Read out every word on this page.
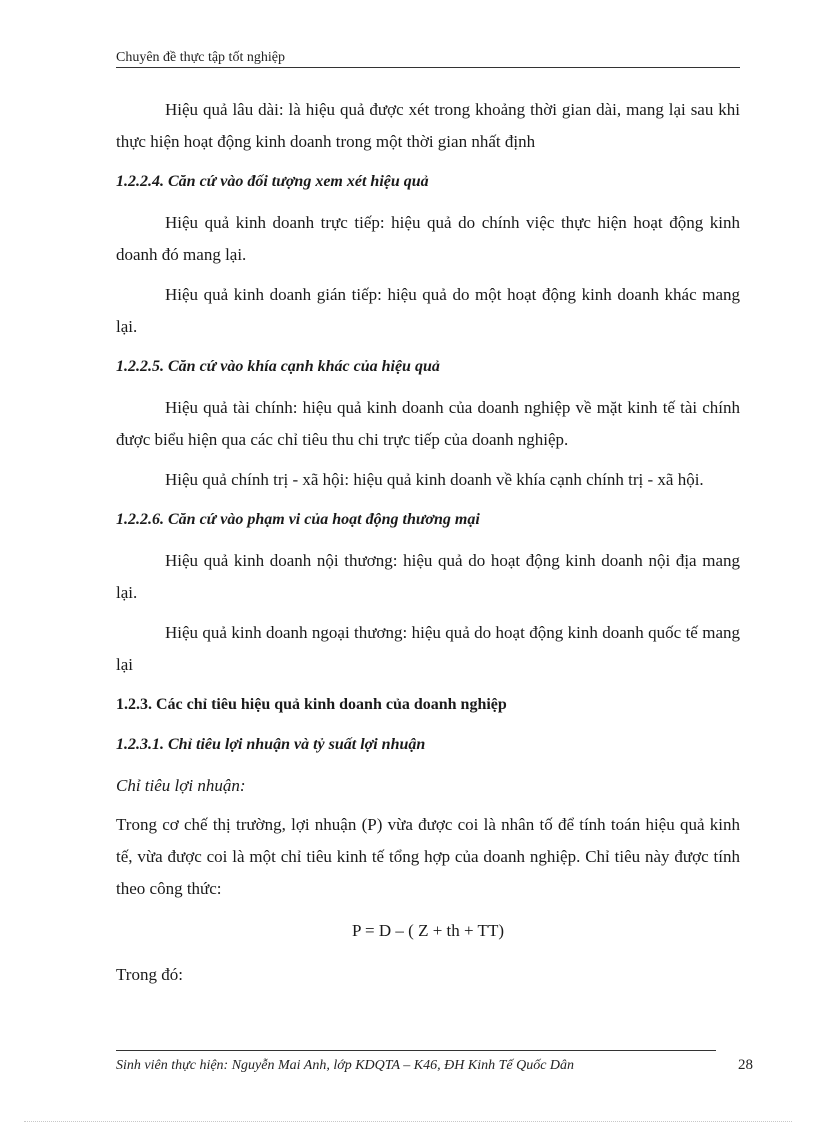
Chuyên đề thực tập tốt nghiệp

Hiệu quả lâu dài: là hiệu quả được xét trong khoảng thời gian dài, mang lại sau khi thực hiện hoạt động kinh doanh trong một thời gian nhất định

1.2.2.4. Căn cứ vào đối tượng xem xét hiệu quả

Hiệu quả kinh doanh trực tiếp: hiệu quả do chính việc thực hiện hoạt động kinh doanh đó mang lại.

Hiệu quả kinh doanh gián tiếp: hiệu quả do một hoạt động kinh doanh khác mang lại.

1.2.2.5. Căn cứ vào khía cạnh khác của hiệu quả

Hiệu quả tài chính: hiệu quả kinh doanh của doanh nghiệp về mặt kinh tế tài chính được biểu hiện qua các chỉ tiêu thu chi trực tiếp của doanh nghiệp.

Hiệu quả chính trị - xã hội: hiệu quả kinh doanh về khía cạnh chính trị - xã hội.

1.2.2.6. Căn cứ vào phạm vi của hoạt động thương mại

Hiệu quả kinh doanh nội thương: hiệu quả do hoạt động kinh doanh nội địa mang lại.

Hiệu quả kinh doanh ngoại thương: hiệu quả do hoạt động kinh doanh quốc tế mang lại

1.2.3. Các chỉ tiêu hiệu quả kinh doanh của doanh nghiệp

1.2.3.1. Chỉ tiêu lợi nhuận và tỷ suất lợi nhuận

Chỉ tiêu lợi nhuận:

Trong cơ chế thị trường, lợi nhuận (P) vừa được coi là nhân tố để tính toán hiệu quả kinh tế, vừa được coi là một chỉ tiêu kinh tế tổng hợp của doanh nghiệp. Chỉ tiêu này được tính theo công thức:

P = D – ( Z + th + TT)

Trong đó:

Sinh viên thực hiện: Nguyễn Mai Anh, lớp KDQTA – K46, ĐH Kinh Tế Quốc Dân	28
